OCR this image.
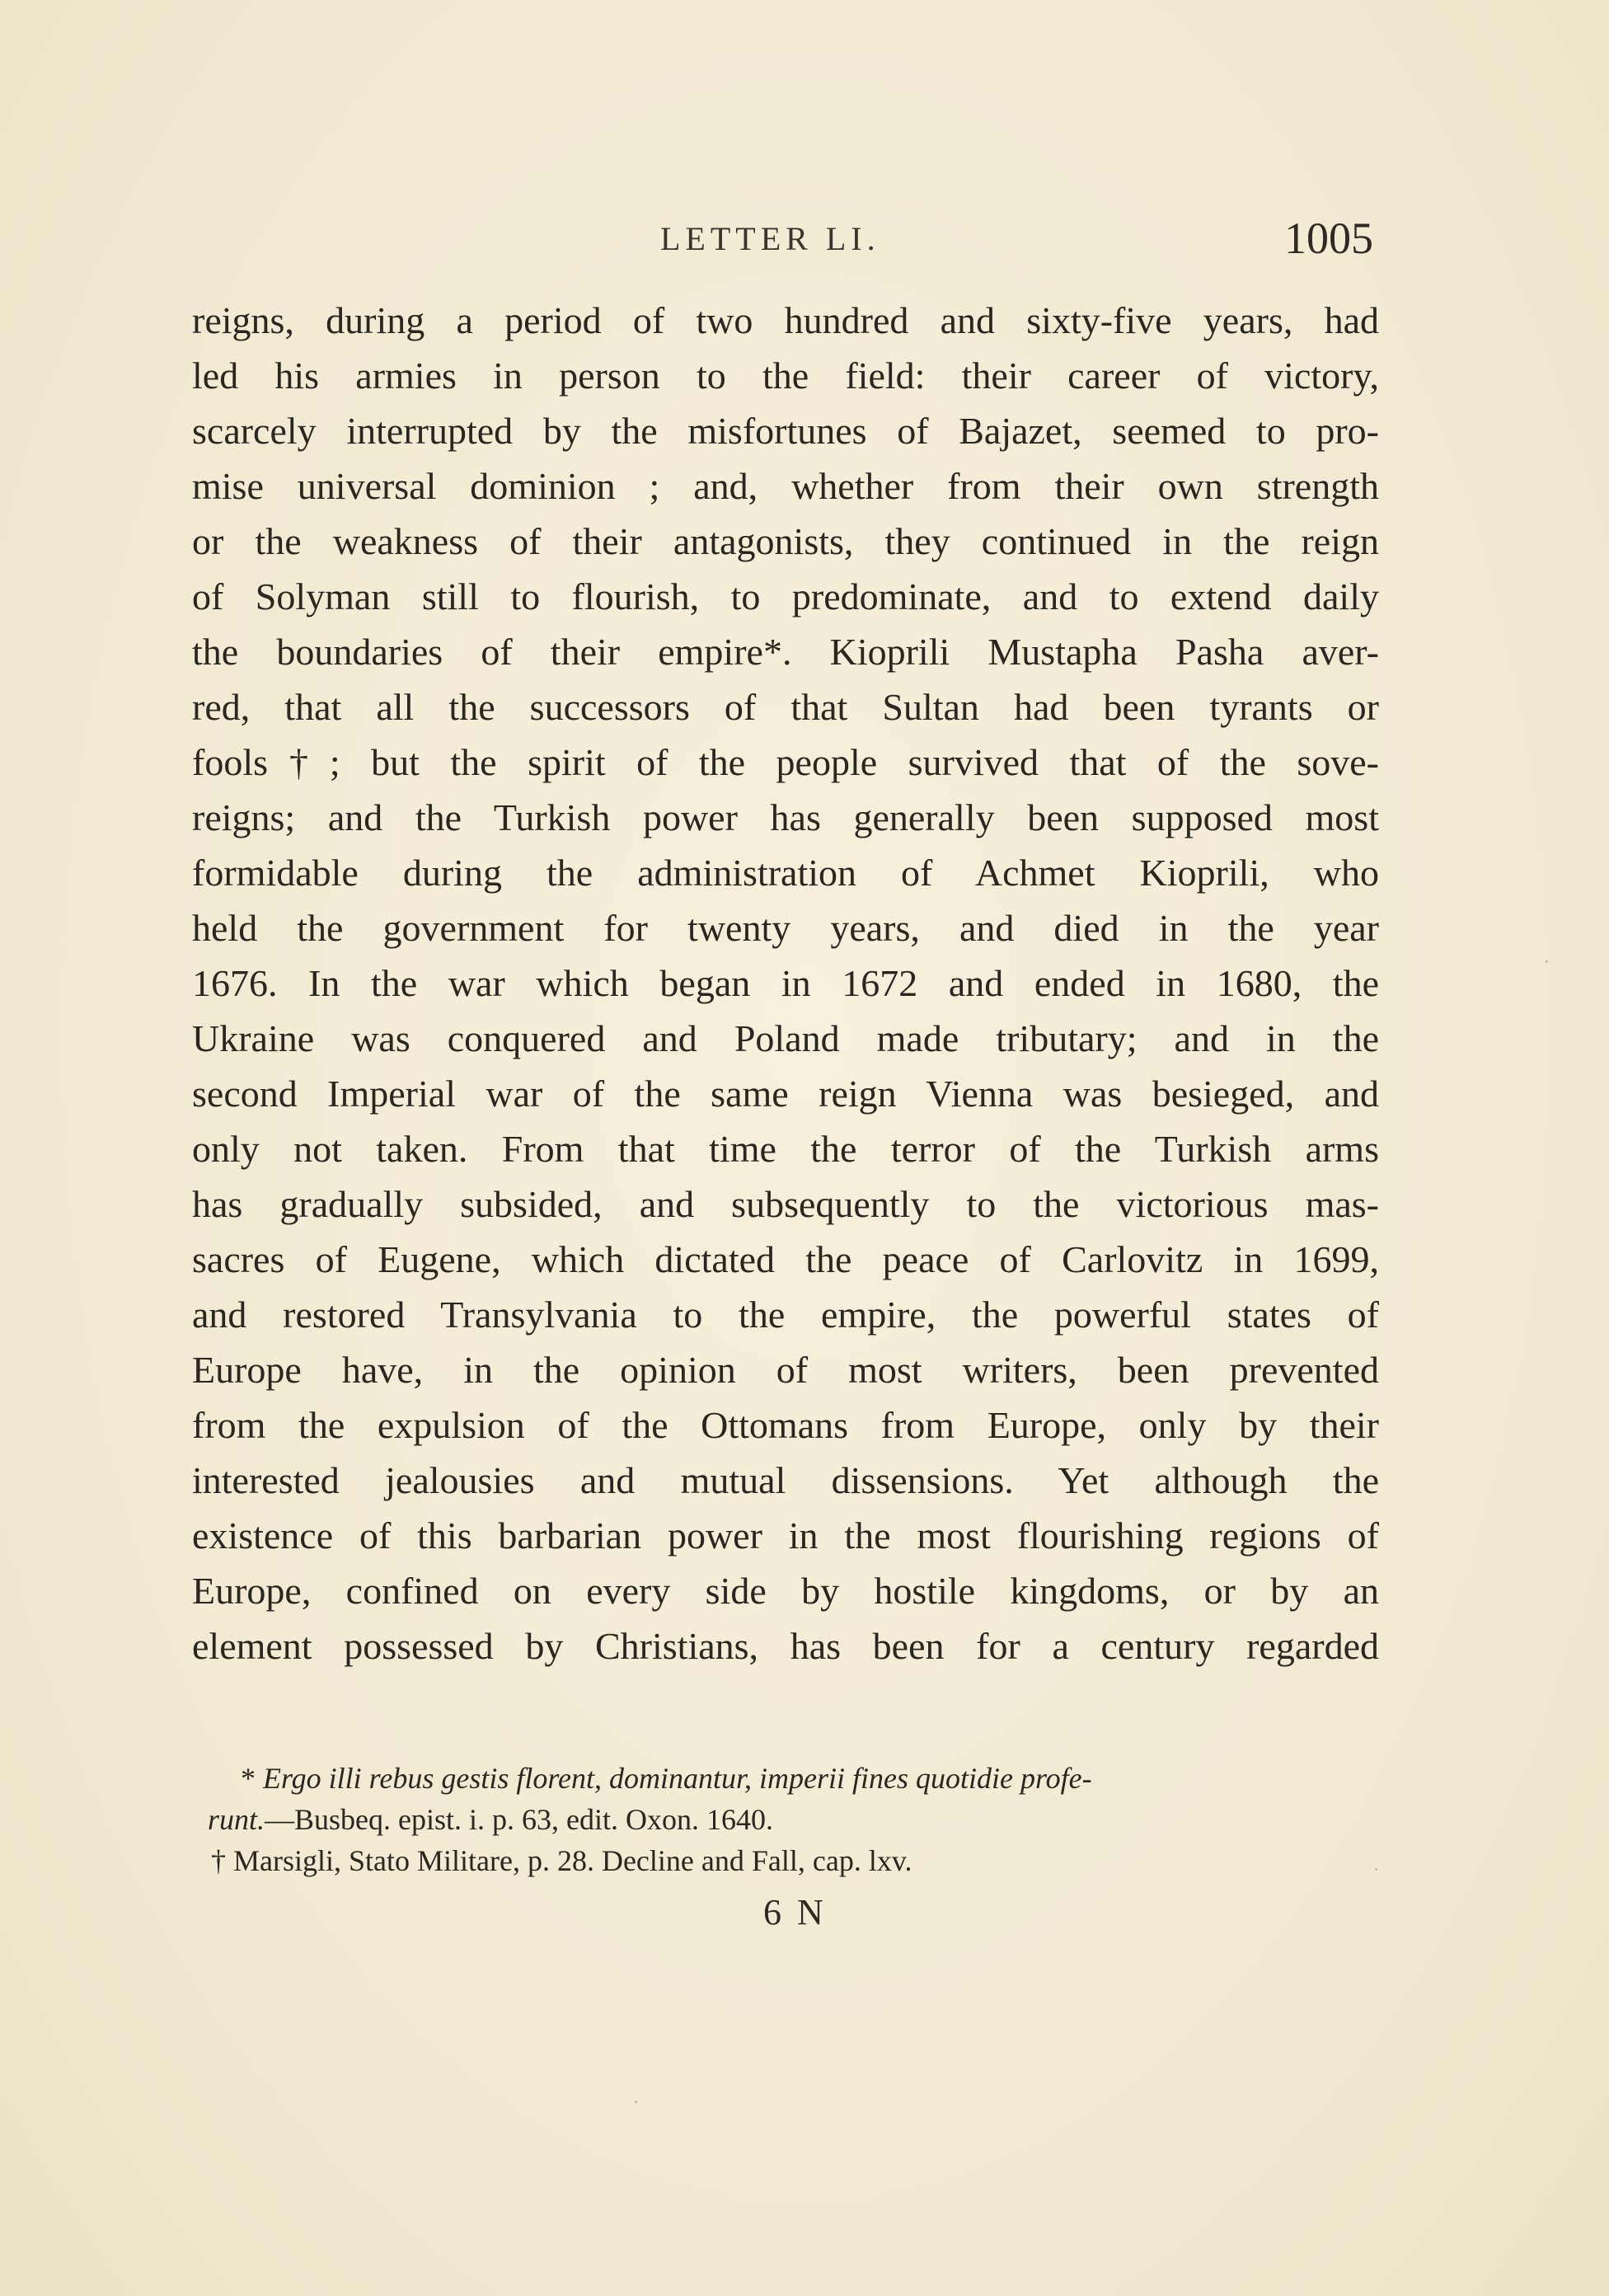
LETTER LI.	1005
reigns, during a period of two hundred and sixty-five years, had
led his armies in person to the field: their career of victory,
scarcely interrupted by the misfortunes of Bajazet, seemed to pro-
mise universal dominion ; and, whether from their own strength
or the weakness of their antagonists, they continued in the reign
of Solyman still to flourish, to predominate, and to extend daily
the boundaries of their empire*. Kioprili Mustapha Pasha aver-
red, that all the successors of that Sultan had been tyrants or
fools†; but the spirit of the people survived that of the sove-
reigns; and the Turkish power has generally been supposed most
formidable during the administration of Achmet Kioprili, who
held the government for twenty years, and died in the year
1676. In the war which began in 1672 and ended in 1680, the
Ukraine was conquered and Poland made tributary; and in the
second Imperial war of the same reign Vienna was besieged, and
only not taken. From that time the terror of the Turkish arms
has gradually subsided, and subsequently to the victorious mas-
sacres of Eugene, which dictated the peace of Carlovitz in 1699,
and restored Transylvania to the empire, the powerful states of
Europe have, in the opinion of most writers, been prevented
from the expulsion of the Ottomans from Europe, only by their
interested jealousies and mutual dissensions. Yet although the
existence of this barbarian power in the most flourishing regions of
Europe, confined on every side by hostile kingdoms, or by an
element possessed by Christians, has been for a century regarded
* Ergo illi rebus gestis florent, dominantur, imperii fines quotidie profe-
runt.—Busbeq. epist. i. p. 63, edit. Oxon. 1640.
† Marsigli, Stato Militare, p. 28. Decline and Fall, cap. lxv.
6 N
